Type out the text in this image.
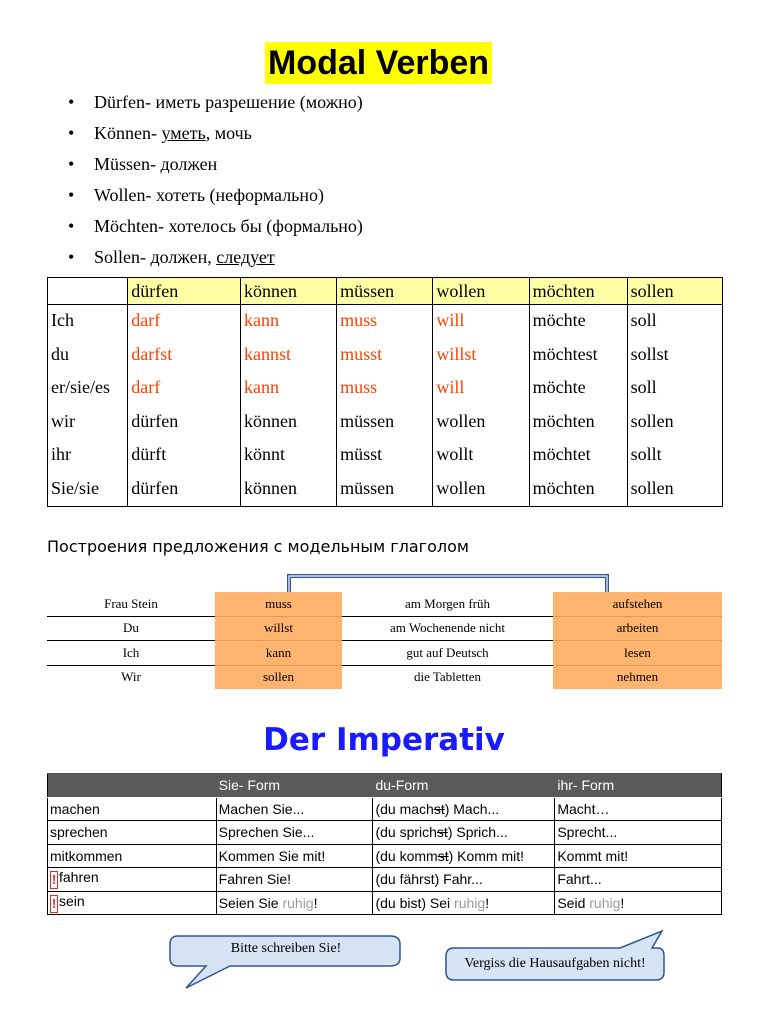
Modal Verben
• Dürfen- иметь разрешение (можно)
• Können- уметь, мочь
• Müssen- должен
• Wollen- хотеть (неформально)
• Möchten- хотелось бы (формально)
• Sollen- должен, следует
	dürfen	können	müssen	wollen	möchten	sollen
Ich	darf	kann	muss	will	möchte	soll
du	darfst	kannst	musst	willst	möchtest	sollst
er/sie/es	darf	kann	muss	will	möchte	soll
wir	dürfen	können	müssen	wollen	möchten	sollen
ihr	dürft	könnt	müsst	wollt	möchtet	sollt
Sie/sie	dürfen	können	müssen	wollen	möchten	sollen
Построения предложения с модельным глаголом
Frau Stein	muss	am Morgen früh	aufstehen
Du	willst	am Wochenende nicht	arbeiten
Ich	kann	gut auf Deutsch	lesen
Wir	sollen	die Tabletten	nehmen
Der Imperativ
	Sie- Form	du-Form	ihr- Form
machen	Machen Sie...	(du machst) Mach...	Macht…
sprechen	Sprechen Sie...	(du sprichst) Sprich...	Sprecht...
mitkommen	Kommen Sie mit!	(du kommst) Komm mit!	Kommt mit!
! fahren	Fahren Sie!	(du fährst) Fahr...	Fahrt...
! sein	Seien Sie ruhig!	(du bist) Sei ruhig!	Seid ruhig!
Bitte schreiben Sie!
Vergiss die Hausaufgaben nicht!
